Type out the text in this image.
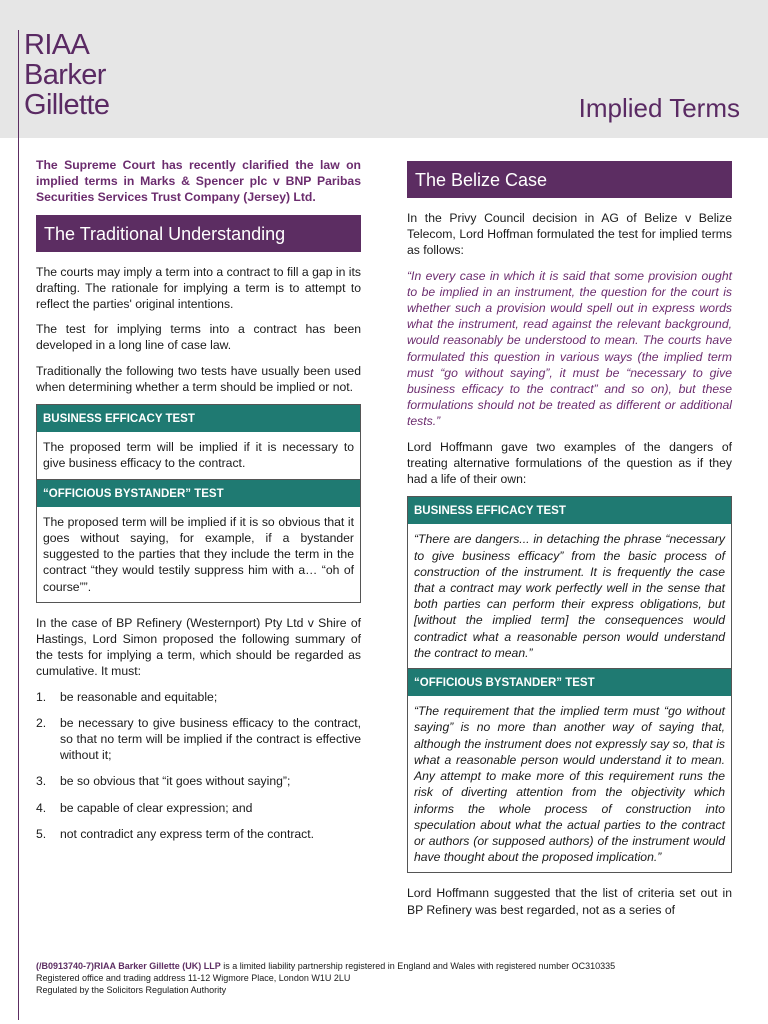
RIAA
Barker
Gillette	Implied Terms

The Supreme Court has recently clarified the law on implied terms in Marks & Spencer plc v BNP Paribas Securities Services Trust Company (Jersey) Ltd.

The Traditional Understanding

The courts may imply a term into a contract to fill a gap in its drafting. The rationale for implying a term is to attempt to reflect the parties' original intentions.

The test for implying terms into a contract has been developed in a long line of case law.

Traditionally the following two tests have usually been used when determining whether a term should be implied or not.

BUSINESS EFFICACY TEST
The proposed term will be implied if it is necessary to give business efficacy to the contract.
“OFFICIOUS BYSTANDER” TEST
The proposed term will be implied if it is so obvious that it goes without saying, for example, if a bystander suggested to the parties that they include the term in the contract “they would testily suppress him with a… “oh of course””.

In the case of BP Refinery (Westernport) Pty Ltd v Shire of Hastings, Lord Simon proposed the following summary of the tests for implying a term, which should be regarded as cumulative. It must:

1. be reasonable and equitable;
2. be necessary to give business efficacy to the contract, so that no term will be implied if the contract is effective without it;
3. be so obvious that “it goes without saying”;
4. be capable of clear expression; and
5. not contradict any express term of the contract.
The Belize Case

In the Privy Council decision in AG of Belize v Belize Telecom, Lord Hoffman formulated the test for implied terms as follows:

“In every case in which it is said that some provision ought to be implied in an instrument, the question for the court is whether such a provision would spell out in express words what the instrument, read against the relevant background, would reasonably be understood to mean. The courts have formulated this question in various ways (the implied term must “go without saying”, it must be “necessary to give business efficacy to the contract” and so on), but these formulations should not be treated as different or additional tests.”

Lord Hoffmann gave two examples of the dangers of treating alternative formulations of the question as if they had a life of their own:

BUSINESS EFFICACY TEST
“There are dangers... in detaching the phrase “necessary to give business efficacy” from the basic process of construction of the instrument. It is frequently the case that a contract may work perfectly well in the sense that both parties can perform their express obligations, but [without the implied term] the consequences would contradict what a reasonable person would understand the contract to mean.”
“OFFICIOUS BYSTANDER” TEST
“The requirement that the implied term must “go without saying” is no more than another way of saying that, although the instrument does not expressly say so, that is what a reasonable person would understand it to mean. Any attempt to make more of this requirement runs the risk of diverting attention from the objectivity which informs the whole process of construction into speculation about what the actual parties to the contract or authors (or supposed authors) of the instrument would have thought about the proposed implication.”

Lord Hoffmann suggested that the list of criteria set out in BP Refinery was best regarded, not as a series of

(/B0913740-7)RIAA Barker Gillette (UK) LLP is a limited liability partnership registered in England and Wales with registered number OC310335
Registered office and trading address 11-12 Wigmore Place, London W1U 2LU
Regulated by the Solicitors Regulation Authority
